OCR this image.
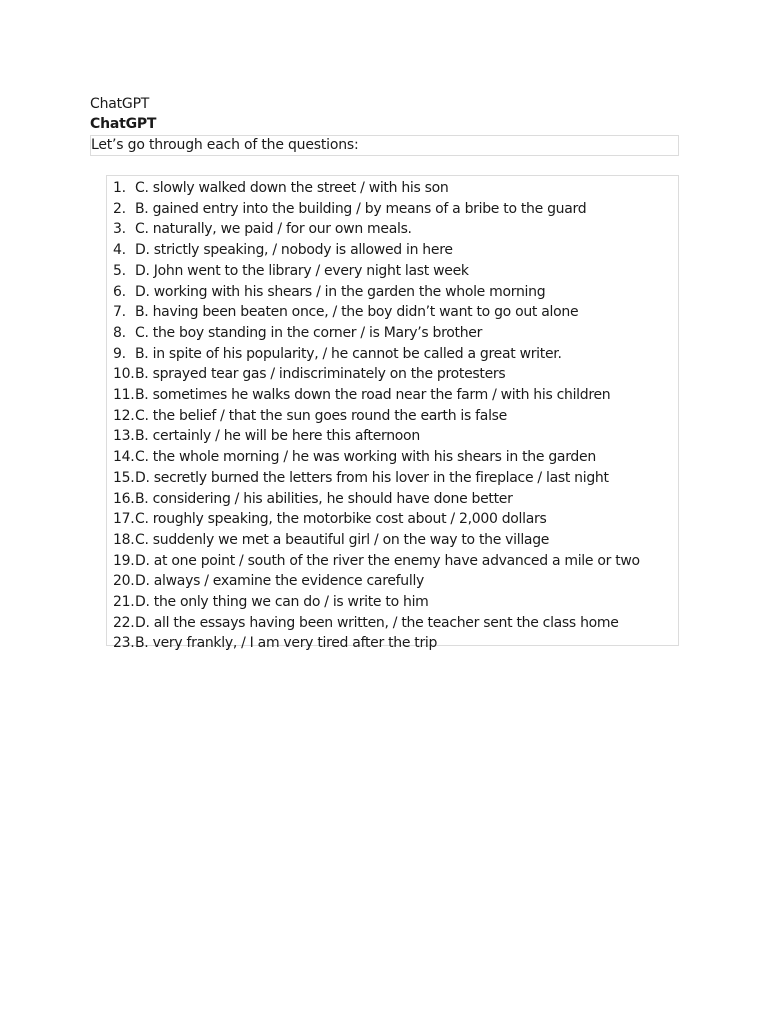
ChatGPT

ChatGPT

Let’s go through each of the questions:
1. C. slowly walked down the street / with his son
2. B. gained entry into the building / by means of a bribe to the guard
3. C. naturally, we paid / for our own meals.
4. D. strictly speaking, / nobody is allowed in here
5. D. John went to the library / every night last week
6. D. working with his shears / in the garden the whole morning
7. B. having been beaten once, / the boy didn’t want to go out alone
8. C. the boy standing in the corner / is Mary’s brother
9. B. in spite of his popularity, / he cannot be called a great writer.
10. B. sprayed tear gas / indiscriminately on the protesters
11. B. sometimes he walks down the road near the farm / with his children
12. C. the belief / that the sun goes round the earth is false
13. B. certainly / he will be here this afternoon
14. C. the whole morning / he was working with his shears in the garden
15. D. secretly burned the letters from his lover in the fireplace / last night
16. B. considering / his abilities, he should have done better
17. C. roughly speaking, the motorbike cost about / 2,000 dollars
18. C. suddenly we met a beautiful girl / on the way to the village
19. D. at one point / south of the river the enemy have advanced a mile or two
20. D. always / examine the evidence carefully
21. D. the only thing we can do / is write to him
22. D. all the essays having been written, / the teacher sent the class home
23. B. very frankly, / I am very tired after the trip
